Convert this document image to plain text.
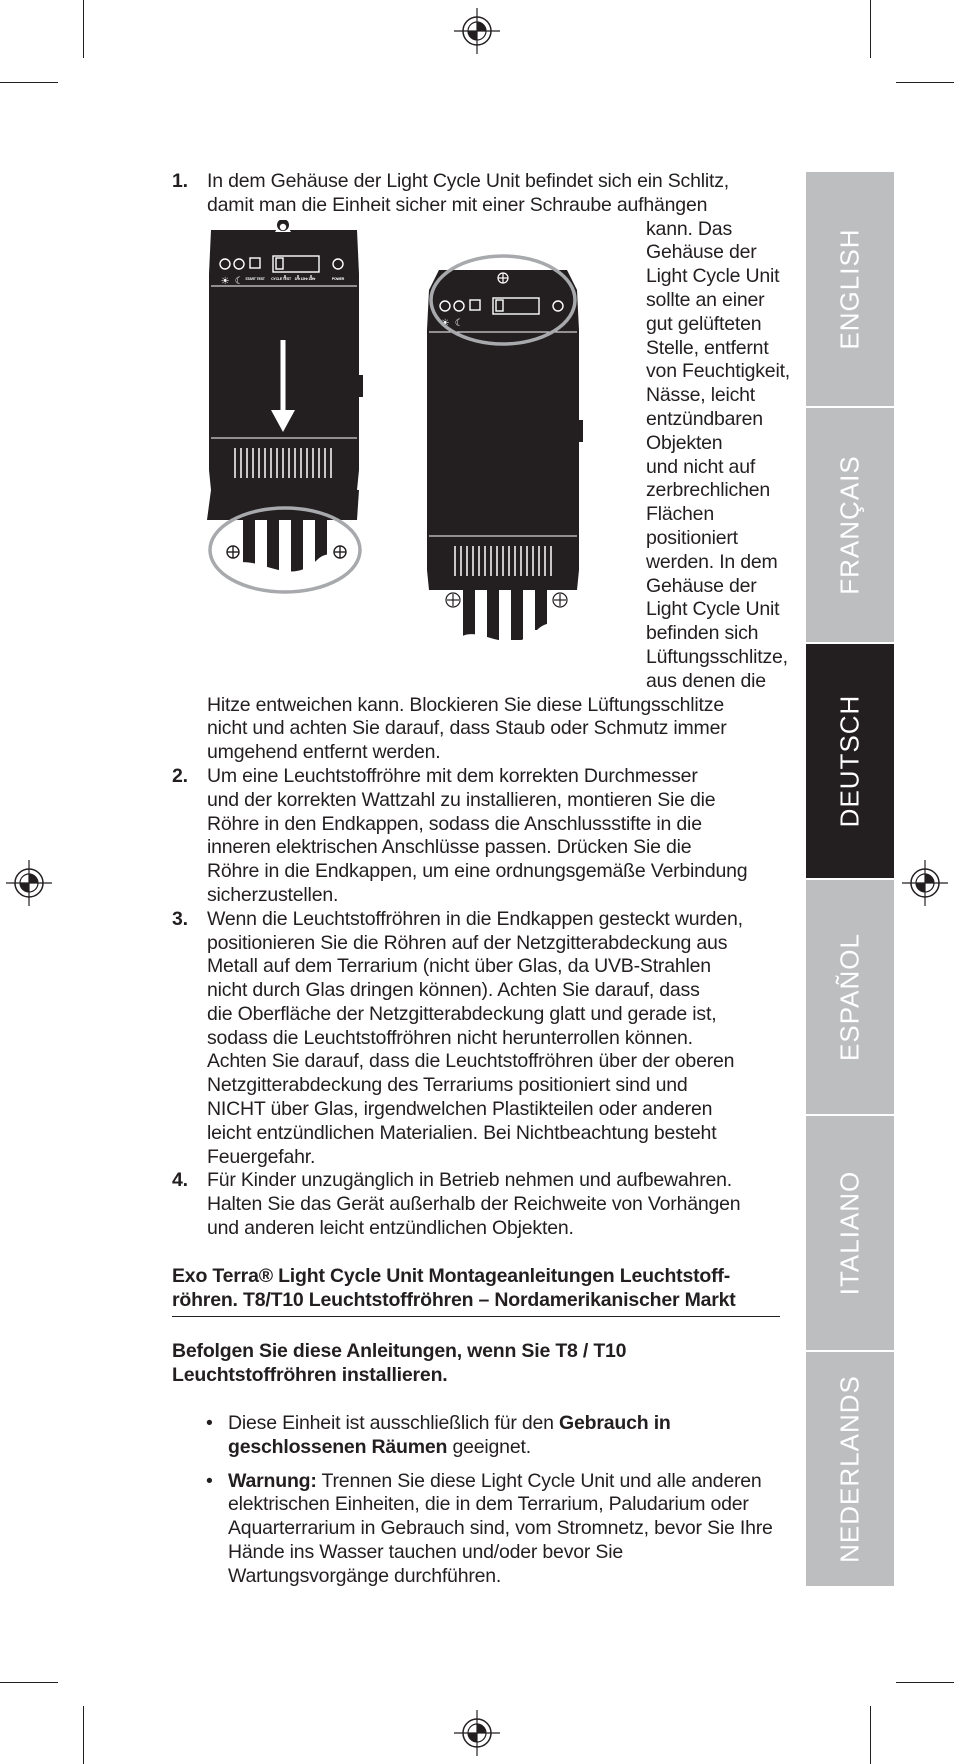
1. In dem Gehäuse der Light Cycle Unit befindet sich ein Schlitz,
damit man die Einheit sicher mit einer Schraube aufhängen
☀ ☾ START TEST	CYCLE TEST	1Hr 12Hr 14Hr	POWER
☀ ☾
kann. Das
Gehäuse der
Light Cycle Unit
sollte an einer
gut gelüfteten
Stelle, entfernt
von Feuchtigkeit,
Nässe, leicht
entzündbaren
Objekten
und nicht auf
zerbrechlichen
Flächen
positioniert
werden. In dem
Gehäuse der
Light Cycle Unit
befinden sich
Lüftungsschlitze,
aus denen die
Hitze entweichen kann. Blockieren Sie diese Lüftungsschlitze
nicht und achten Sie darauf, dass Staub oder Schmutz immer
umgehend entfernt werden.
2. Um eine Leuchtstoffröhre mit dem korrekten Durchmesser
und der korrekten Wattzahl zu installieren, montieren Sie die
Röhre in den Endkappen, sodass die Anschlussstifte in die
inneren elektrischen Anschlüsse passen. Drücken Sie die
Röhre in die Endkappen, um eine ordnungsgemäße Verbindung
sicherzustellen.
3. Wenn die Leuchtstoffröhren in die Endkappen gesteckt wurden,
positionieren Sie die Röhren auf der Netzgitterabdeckung aus
Metall auf dem Terrarium (nicht über Glas, da UVB-Strahlen
nicht durch Glas dringen können). Achten Sie darauf, dass
die Oberfläche der Netzgitterabdeckung glatt und gerade ist,
sodass die Leuchtstoffröhren nicht herunterrollen können.
Achten Sie darauf, dass die Leuchtstoffröhren über der oberen
Netzgitterabdeckung des Terrariums positioniert sind und
NICHT über Glas, irgendwelchen Plastikteilen oder anderen
leicht entzündlichen Materialien. Bei Nichtbeachtung besteht
Feuergefahr.
4. Für Kinder unzugänglich in Betrieb nehmen und aufbewahren.
Halten Sie das Gerät außerhalb der Reichweite von Vorhängen
und anderen leicht entzündlichen Objekten.
Exo Terra® Light Cycle Unit Montageanleitungen Leuchtstoff-
röhren. T8/T10 Leuchtstoffröhren – Nordamerikanischer Markt
Befolgen Sie diese Anleitungen, wenn Sie T8 / T10
Leuchtstoffröhren installieren.
• Diese Einheit ist ausschließlich für den Gebrauch in geschlossenen Räumen geeignet.
• Warnung: Trennen Sie diese Light Cycle Unit und alle anderen elektrischen Einheiten, die in dem Terrarium, Paludarium oder Aquarterrarium in Gebrauch sind, vom Stromnetz, bevor Sie Ihre Hände ins Wasser tauchen und/oder bevor Sie Wartungsvorgänge durchführen.
ENGLISH
FRANÇAIS
DEUTSCH
ESPAÑOL
ITALIANO
NEDERLANDS
